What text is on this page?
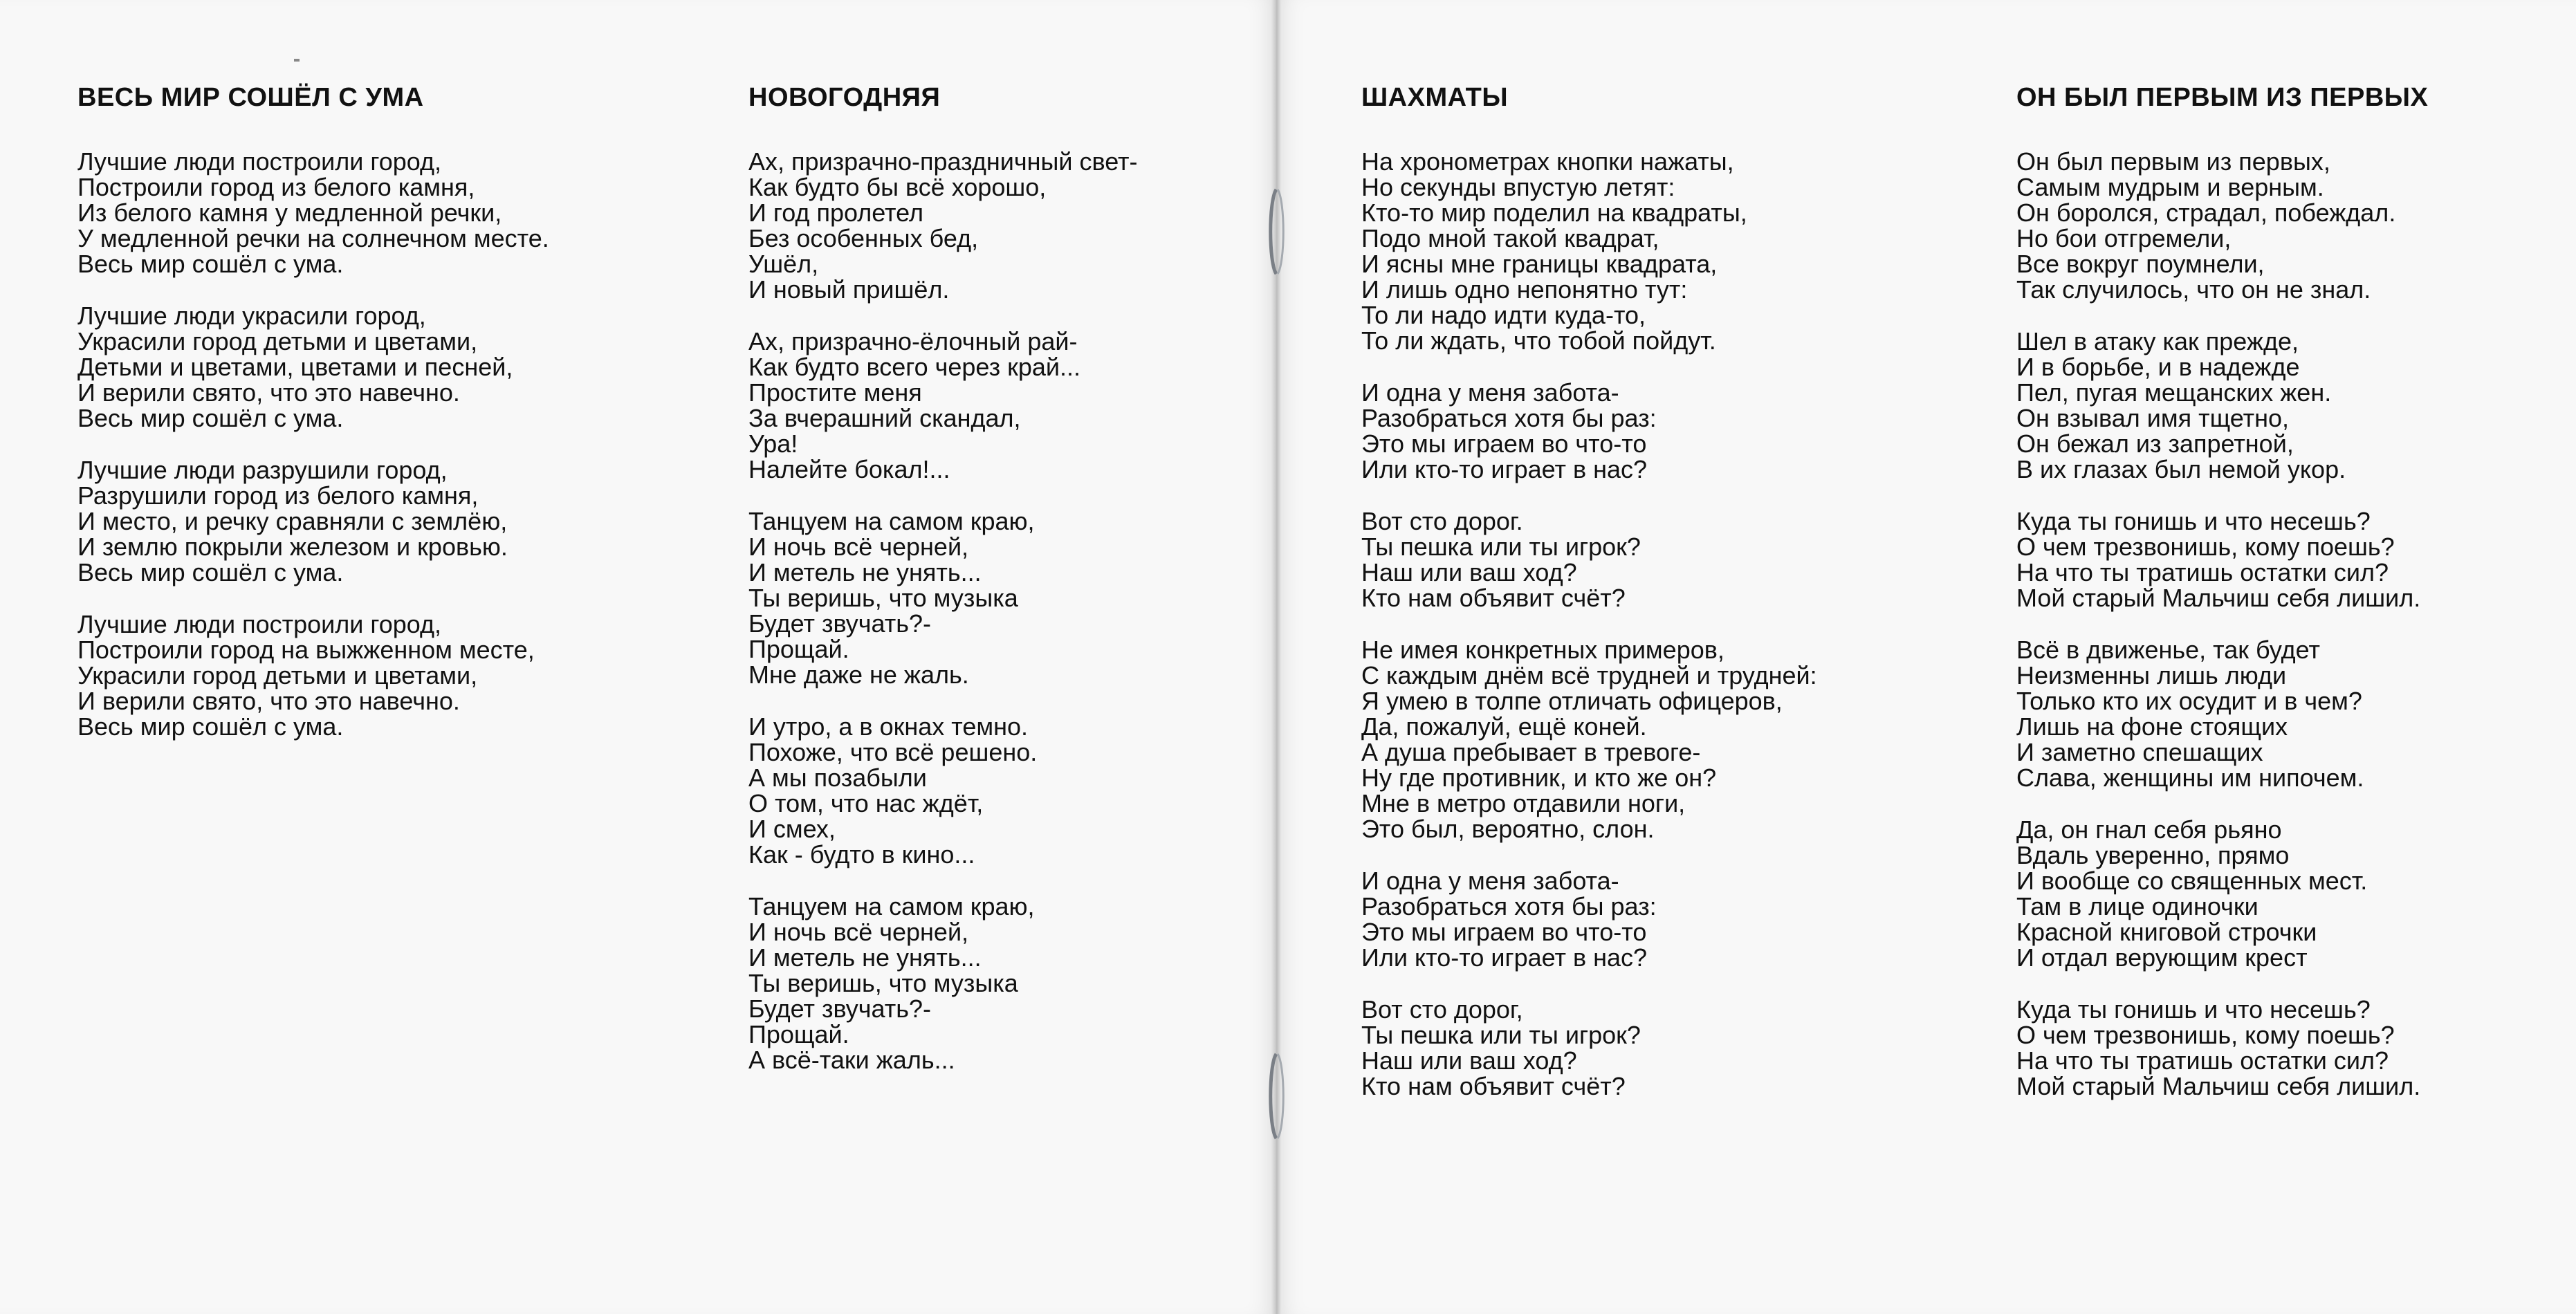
ВЕСЬ МИР СОШЁЛ С УМА
Лучшие люди построили город,
Построили город из белого камня,
Из белого камня у медленной речки,
У медленной речки на солнечном месте.
Весь мир сошёл с ума.
Лучшие люди украсили город,
Украсили город детьми и цветами,
Детьми и цветами, цветами и песней,
И верили свято, что это навечно.
Весь мир сошёл с ума.
Лучшие люди разрушили город,
Разрушили город из белого камня,
И место, и речку сравняли с землёю,
И землю покрыли железом и кровью.
Весь мир сошёл с ума.
Лучшие люди построили город,
Построили город на выжженном месте,
Украсили город детьми и цветами,
И верили свято, что это навечно.
Весь мир сошёл с ума.
НОВОГОДНЯЯ
Ах, призрачно-праздничный свет-
Как будто бы всё хорошо,
И год пролетел
Без особенных бед,
Ушёл,
И новый пришёл.
Ах, призрачно-ёлочный рай-
Как будто всего через край...
Простите меня
За вчерашний скандал,
Ура!
Налейте бокал!...
Танцуем на самом краю,
И ночь всё черней,
И метель не унять...
Ты веришь, что музыка
Будет звучать?-
Прощай.
Мне даже не жаль.
И утро, а в окнах темно.
Похоже, что всё решено.
А мы позабыли
О том, что нас ждёт,
И смех,
Как - будто в кино...
Танцуем на самом краю,
И ночь всё черней,
И метель не унять...
Ты веришь, что музыка
Будет звучать?-
Прощай.
А всё-таки жаль...
ШАХМАТЫ
На хронометрах кнопки нажаты,
Но секунды впустую летят:
Кто-то мир поделил на квадраты,
Подо мной такой квадрат,
И ясны мне границы квадрата,
И лишь одно непонятно тут:
То ли надо идти куда-то,
То ли ждать, что тобой пойдут.
И одна у меня забота-
Разобраться хотя бы раз:
Это мы играем во что-то
Или кто-то играет в нас?
Вот сто дорог.
Ты пешка или ты игрок?
Наш или ваш ход?
Кто нам объявит счёт?
Не имея конкретных примеров,
С каждым днём всё трудней и трудней:
Я умею в толпе отличать офицеров,
Да, пожалуй, ещё коней.
А душа пребывает в тревоге-
Ну где противник, и кто же он?
Мне в метро отдавили ноги,
Это был, вероятно, слон.
И одна у меня забота-
Разобраться хотя бы раз:
Это мы играем во что-то
Или кто-то играет в нас?
Вот сто дорог,
Ты пешка или ты игрок?
Наш или ваш ход?
Кто нам объявит счёт?
ОН БЫЛ ПЕРВЫМ ИЗ ПЕРВЫХ
Он был первым из первых,
Самым мудрым и верным.
Он боролся, страдал, побеждал.
Но бои отгремели,
Все вокруг поумнели,
Так случилось, что он не знал.
Шел в атаку как прежде,
И в борьбе, и в надежде
Пел, пугая мещанских жен.
Он взывал имя тщетно,
Он бежал из запретной,
В их глазах был немой укор.
Куда ты гонишь и что несешь?
О чем трезвонишь, кому поешь?
На что ты тратишь остатки сил?
Мой старый Мальчиш себя лишил.
Всё в движенье, так будет
Неизменны лишь люди
Только кто их осудит и в чем?
Лишь на фоне стоящих
И заметно спешащих
Слава, женщины им нипочем.
Да, он гнал себя рьяно
Вдаль уверенно, прямо
И вообще со священных мест.
Там в лице одиночки
Красной книговой строчки
И отдал верующим крест
Куда ты гонишь и что несешь?
О чем трезвонишь, кому поешь?
На что ты тратишь остатки сил?
Мой старый Мальчиш себя лишил.
